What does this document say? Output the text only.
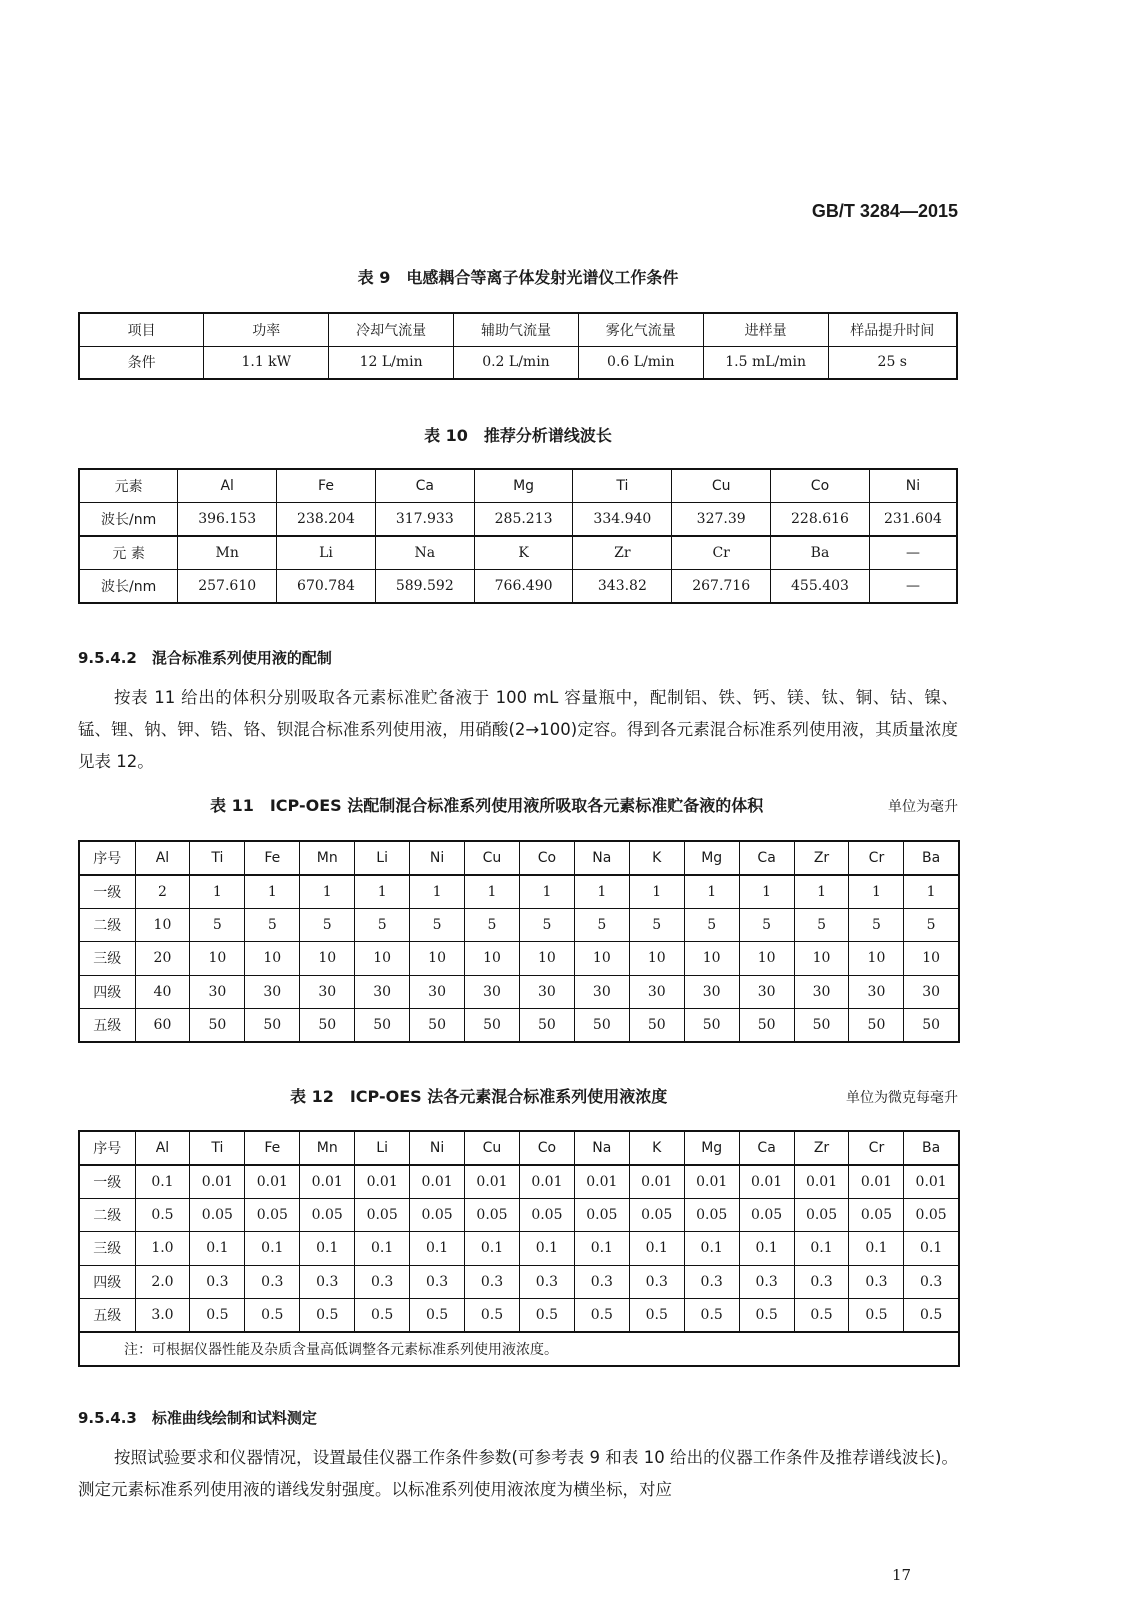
GB/T 3284—2015
表 9　电感耦合等离子体发射光谱仪工作条件
项目	功率	冷却气流量	辅助气流量	雾化气流量	进样量	样品提升时间
条件	1.1 kW	12 L/min	0.2 L/min	0.6 L/min	1.5 mL/min	25 s
表 10　推荐分析谱线波长
元素	Al	Fe	Ca	Mg	Ti	Cu	Co	Ni
波长/nm	396.153	238.204	317.933	285.213	334.940	327.39	228.616	231.604
元 素	Mn	Li	Na	K	Zr	Cr	Ba	—
波长/nm	257.610	670.784	589.592	766.490	343.82	267.716	455.403	—
9.5.4.2　混合标准系列使用液的配制
按表 11 给出的体积分别吸取各元素标准贮备液于 100 mL 容量瓶中，配制铝、铁、钙、镁、钛、铜、钴、镍、锰、锂、钠、钾、锆、铬、钡混合标准系列使用液，用硝酸(2→100)定容。得到各元素混合标准系列使用液，其质量浓度见表 12。
表 11　ICP-OES 法配制混合标准系列使用液所吸取各元素标准贮备液的体积	单位为毫升
序号	Al	Ti	Fe	Mn	Li	Ni	Cu	Co	Na	K	Mg	Ca	Zr	Cr	Ba
一级	2	1	1	1	1	1	1	1	1	1	1	1	1	1	1
二级	10	5	5	5	5	5	5	5	5	5	5	5	5	5	5
三级	20	10	10	10	10	10	10	10	10	10	10	10	10	10	10
四级	40	30	30	30	30	30	30	30	30	30	30	30	30	30	30
五级	60	50	50	50	50	50	50	50	50	50	50	50	50	50	50
表 12　ICP-OES 法各元素混合标准系列使用液浓度	单位为微克每毫升
序号	Al	Ti	Fe	Mn	Li	Ni	Cu	Co	Na	K	Mg	Ca	Zr	Cr	Ba
一级	0.1	0.01	0.01	0.01	0.01	0.01	0.01	0.01	0.01	0.01	0.01	0.01	0.01	0.01	0.01
二级	0.5	0.05	0.05	0.05	0.05	0.05	0.05	0.05	0.05	0.05	0.05	0.05	0.05	0.05	0.05
三级	1.0	0.1	0.1	0.1	0.1	0.1	0.1	0.1	0.1	0.1	0.1	0.1	0.1	0.1	0.1
四级	2.0	0.3	0.3	0.3	0.3	0.3	0.3	0.3	0.3	0.3	0.3	0.3	0.3	0.3	0.3
五级	3.0	0.5	0.5	0.5	0.5	0.5	0.5	0.5	0.5	0.5	0.5	0.5	0.5	0.5	0.5
注：可根据仪器性能及杂质含量高低调整各元素标准系列使用液浓度。															
9.5.4.3　标准曲线绘制和试料测定
按照试验要求和仪器情况，设置最佳仪器工作条件参数(可参考表 9 和表 10 给出的仪器工作条件及推荐谱线波长)。测定元素标准系列使用液的谱线发射强度。以标准系列使用液浓度为横坐标，对应
17
